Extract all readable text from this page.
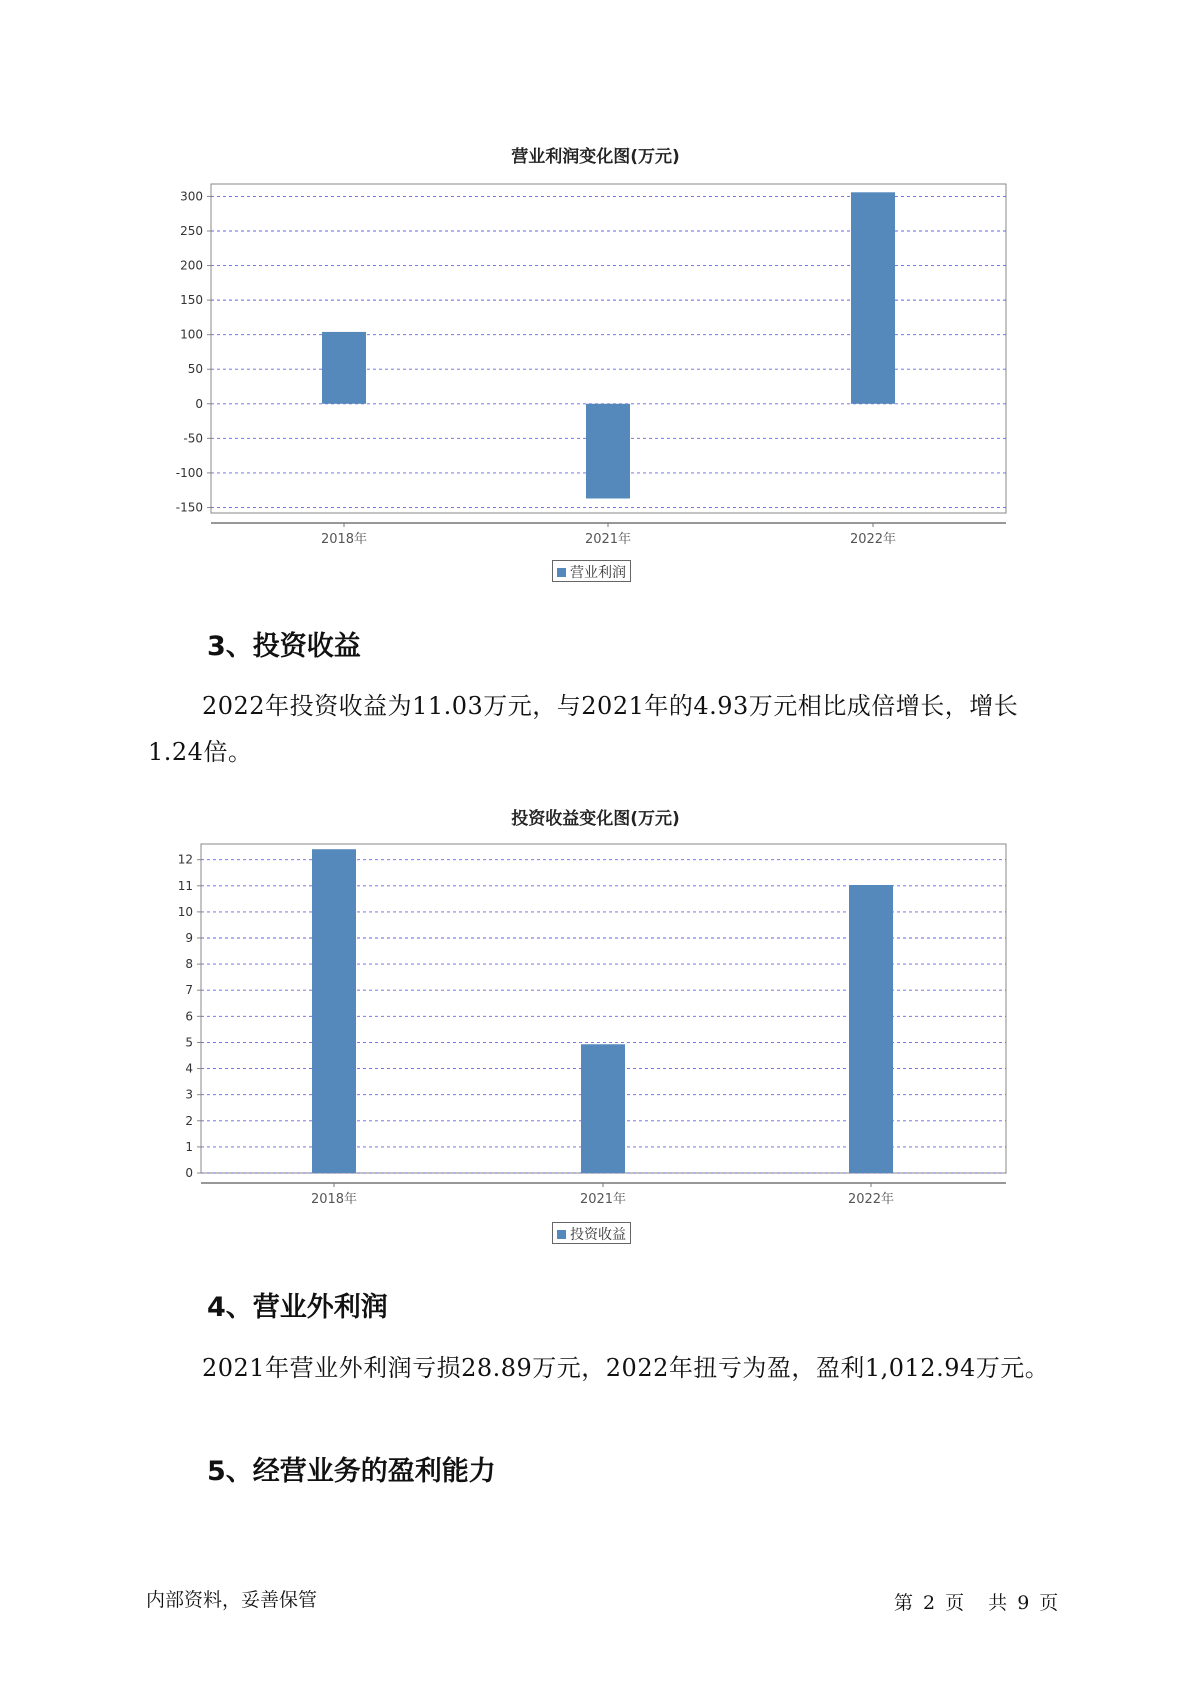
营业利润变化图(万元)
300
250
200
150
100
50
0
-50
-100
-150
2018年	2021年	2022年
营业利润
3、投资收益

2022年投资收益为11.03万元，与2021年的4.93万元相比成倍增长，增长1.24倍。

投资收益变化图(万元)
12
11
10
9
8
7
6
5
4
3
2
1
0
2018年	2021年	2022年
投资收益
4、营业外利润

2021年营业外利润亏损28.89万元，2022年扭亏为盈，盈利1,012.94万元。

5、经营业务的盈利能力
内部资料，妥善保管	第 2 页 共 9 页
